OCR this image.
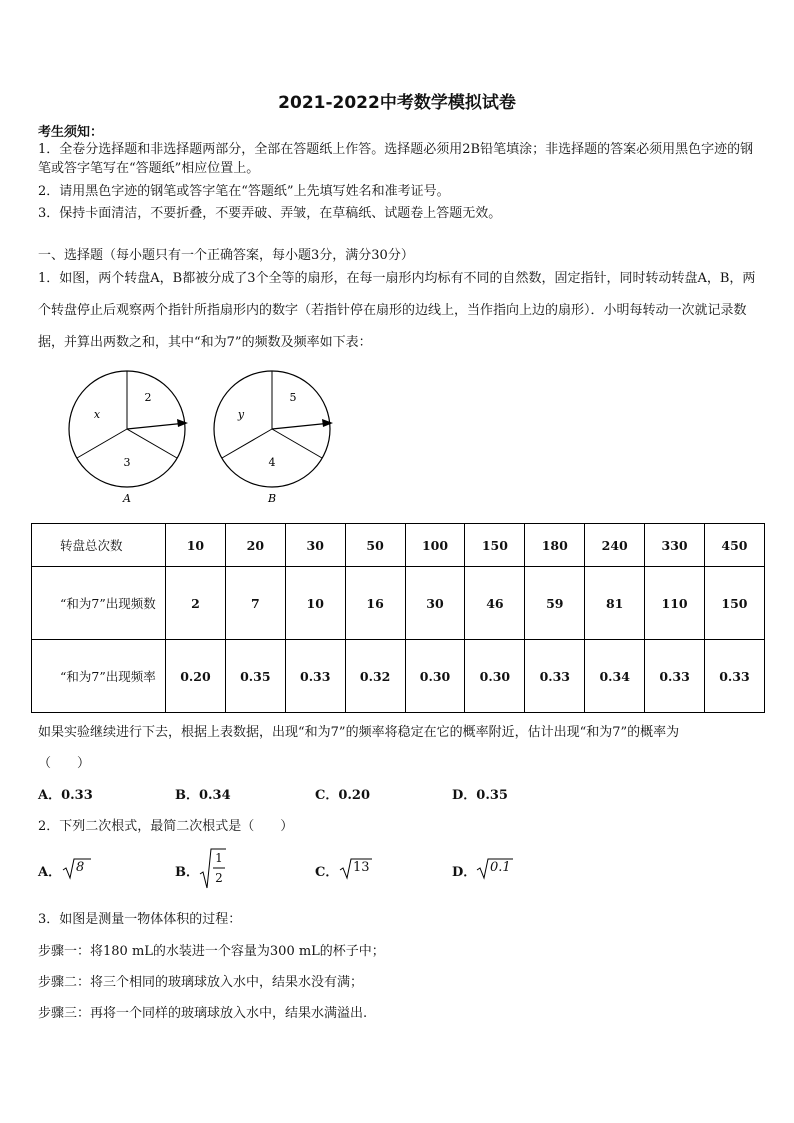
2021-2022中考数学模拟试卷
考生须知：
1．全卷分选择题和非选择题两部分，全部在答题纸上作答。选择题必须用2B铅笔填涂；非选择题的答案必须用黑色字迹的钢笔或答字笔写在“答题纸”相应位置上。
2．请用黑色字迹的钢笔或答字笔在“答题纸”上先填写姓名和准考证号。
3．保持卡面清洁，不要折叠，不要弄破、弄皱，在草稿纸、试题卷上答题无效。
一、选择题（每小题只有一个正确答案，每小题3分，满分30分）
1．如图，两个转盘A，B都被分成了3个全等的扇形，在每一扇形内均标有不同的自然数，固定指针，同时转动转盘A，B，两个转盘停止后观察两个指针所指扇形内的数字（若指针停在扇形的边线上，当作指向上边的扇形）．小明每转动一次就记录数据，并算出两数之和，其中“和为7”的频数及频率如下表：
2
x
3
A
5
y
4
B
转盘总次数	10	20	30	50	100	150	180	240	330	450
“和为7”出现频数	2	7	10	16	30	46	59	81	110	150
“和为7”出现频率	0.20	0.35	0.33	0.32	0.30	0.30	0.33	0.34	0.33	0.33
如果实验继续进行下去，根据上表数据，出现“和为7”的频率将稳定在它的概率附近，估计出现“和为7”的概率为
（　　）
A．0.33	B．0.34	C．0.20	D．0.35
2．下列二次根式，最简二次根式是（　　）
A． 8	B．
1
2	C． 13	D． 0.1
3．如图是测量一物体体积的过程：
步骤一：将180 mL的水装进一个容量为300 mL的杯子中；
步骤二：将三个相同的玻璃球放入水中，结果水没有满；
步骤三：再将一个同样的玻璃球放入水中，结果水满溢出.
